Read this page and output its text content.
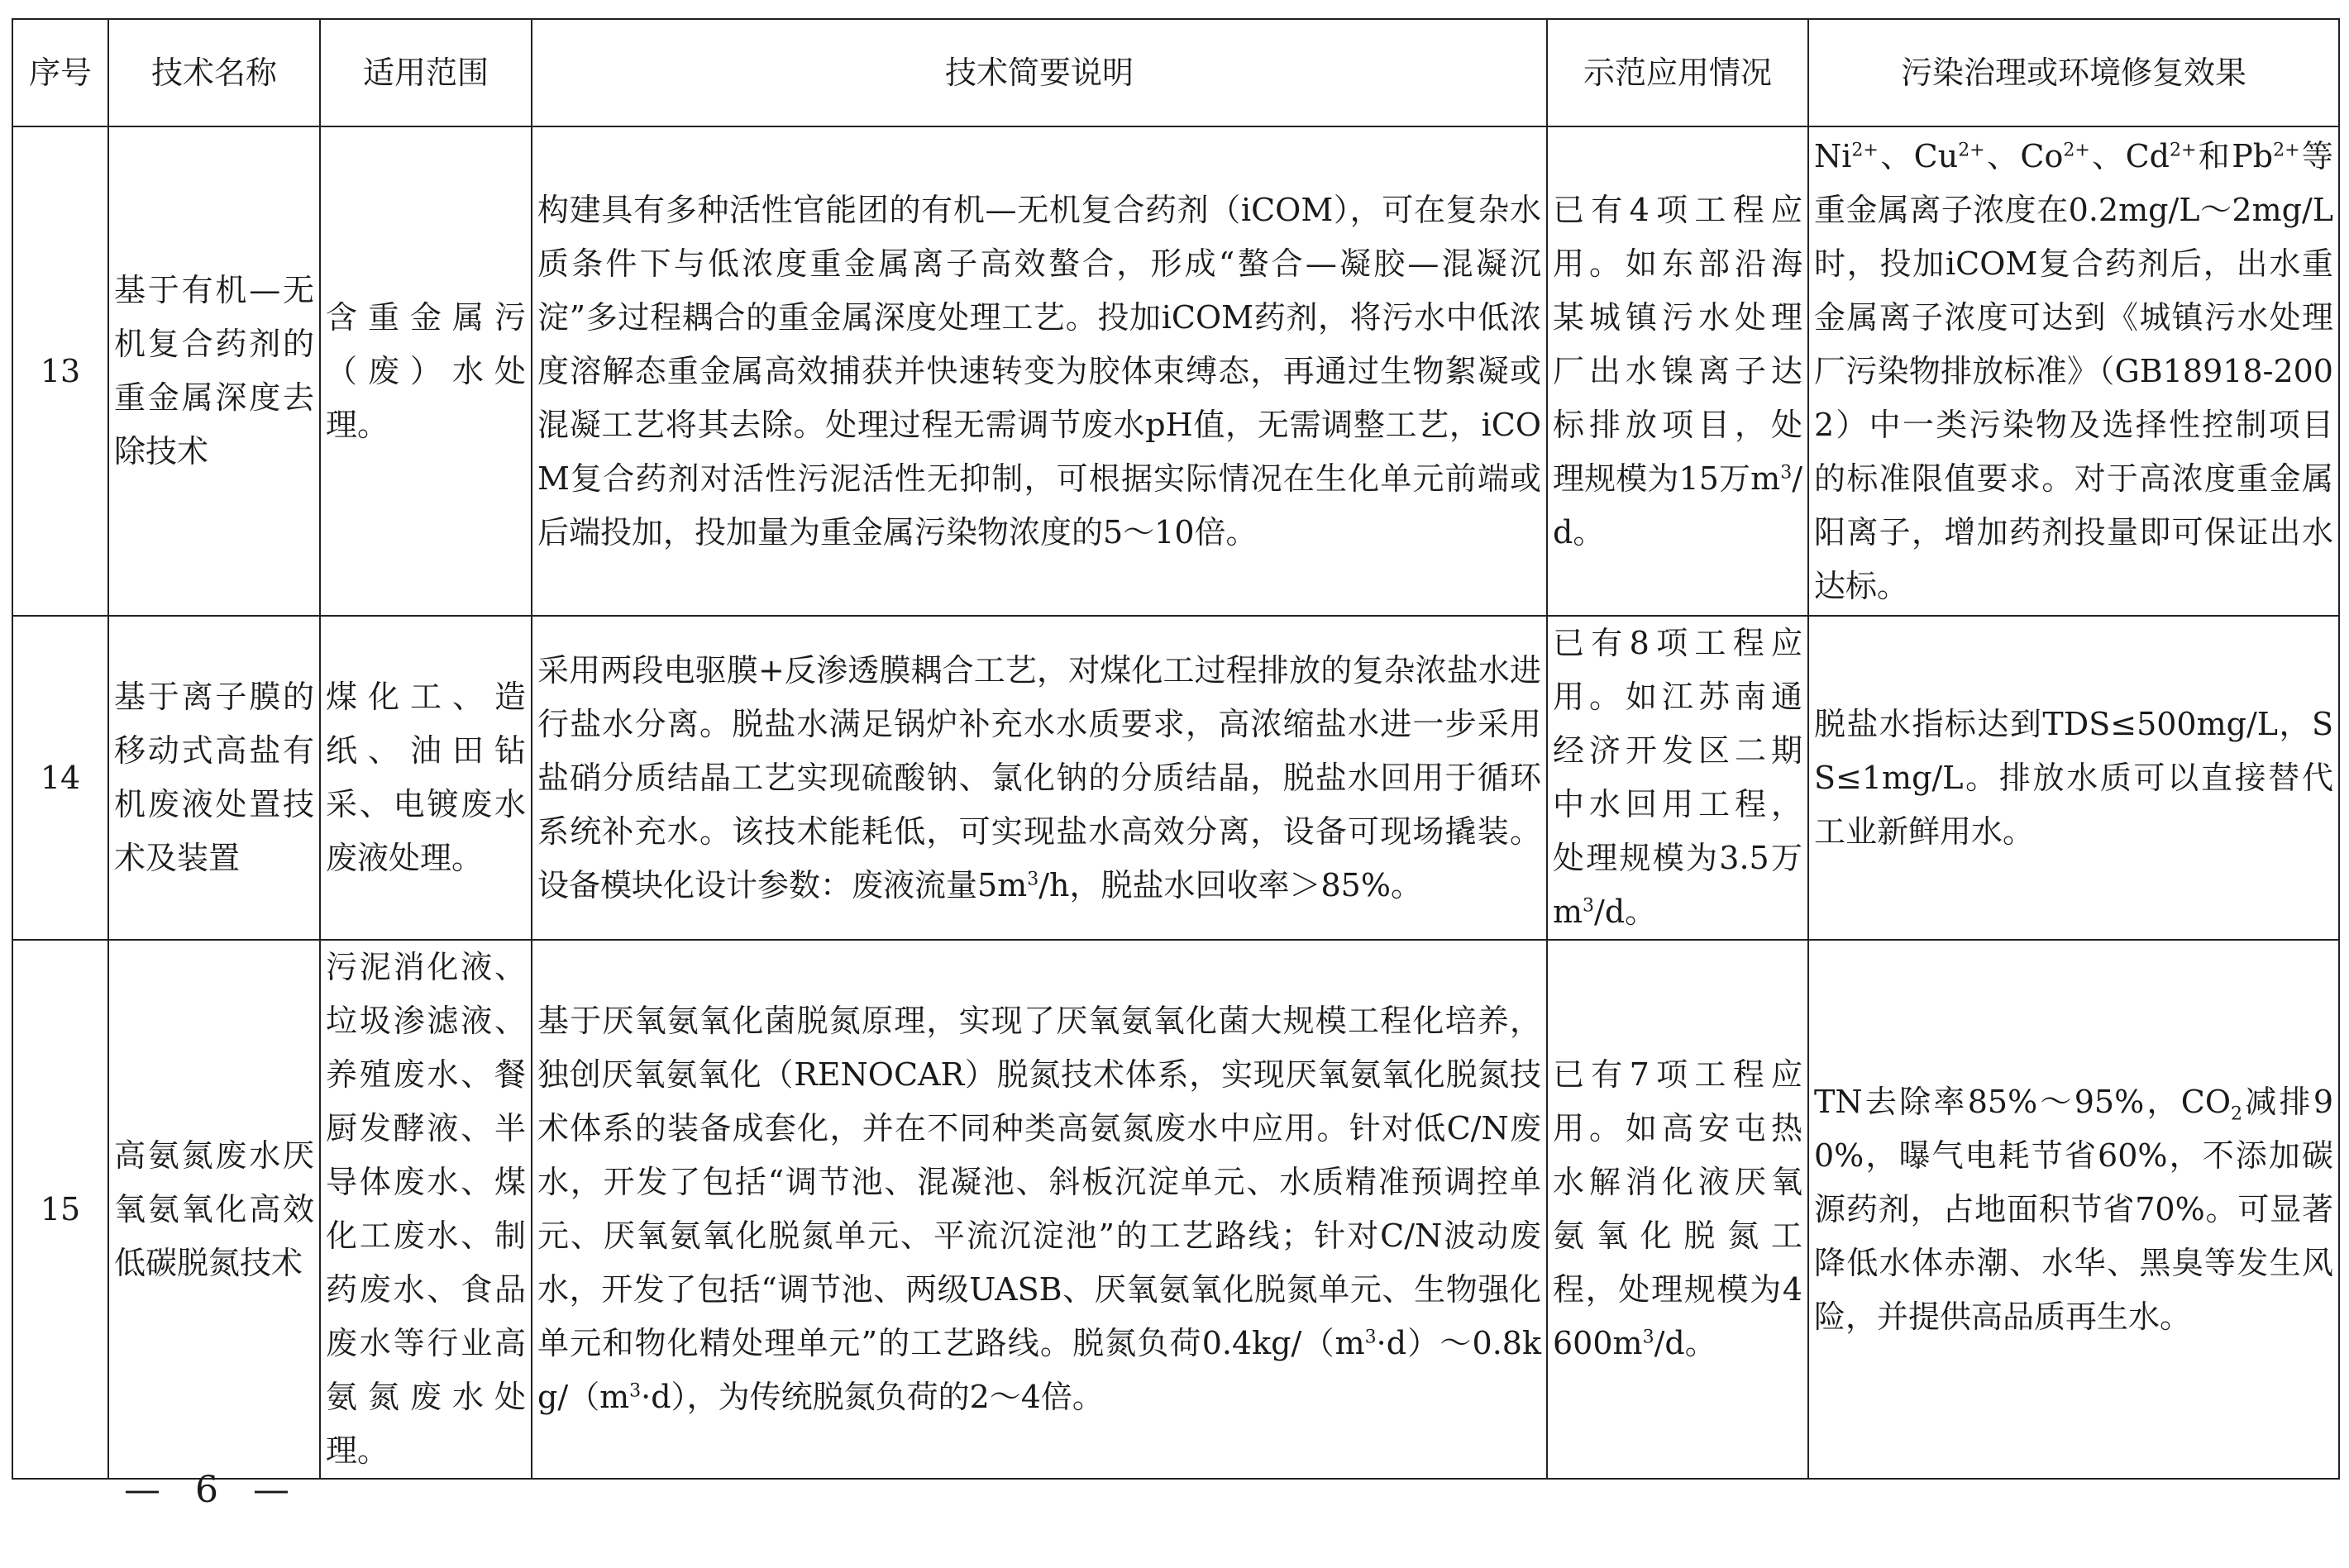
序号	技术名称	适用范围	技术简要说明	示范应用情况	污染治理或环境修复效果
13	基于有机—无机复合药剂的重金属深度去除技术	含重金属污（废）水处理。	构建具有多种活性官能团的有机—无机复合药剂（iCOM），可在复杂水质条件下与低浓度重金属离子高效螯合，形成“螯合—凝胶—混凝沉淀”多过程耦合的重金属深度处理工艺。投加iCOM药剂，将污水中低浓度溶解态重金属高效捕获并快速转变为胶体束缚态，再通过生物絮凝或混凝工艺将其去除。处理过程无需调节废水pH值，无需调整工艺，iCOM复合药剂对活性污泥活性无抑制，可根据实际情况在生化单元前端或后端投加，投加量为重金属污染物浓度的5～10倍。	已有4项工程应用。如东部沿海某城镇污水处理厂出水镍离子达标排放项目，处理规模为15万$m^3/d$。	$Ni^{2+}$、$Cu^{2+}$、$Co^{2+}$、$Cd^{2+}$和$Pb^{2+}$等重金属离子浓度在0.2mg/L～2mg/L时，投加iCOM复合药剂后，出水重金属离子浓度可达到《城镇污水处理厂污染物排放标准》（GB18918-2002）中一类污染物及选择性控制项目的标准限值要求。对于高浓度重金属阳离子，增加药剂投量即可保证出水达标。
14	基于离子膜的移动式高盐有机废液处置技术及装置	煤化工、造纸、油田钻采、电镀废水废液处理。	采用两段电驱膜+反渗透膜耦合工艺，对煤化工过程排放的复杂浓盐水进行盐水分离。脱盐水满足锅炉补充水水质要求，高浓缩盐水进一步采用盐硝分质结晶工艺实现硫酸钠、氯化钠的分质结晶，脱盐水回用于循环系统补充水。该技术能耗低，可实现盐水高效分离，设备可现场撬装。设备模块化设计参数：废液流量$5m^3/h$，脱盐水回收率＞85%。	已有8项工程应用。如江苏南通经济开发区二期中水回用工程，处理规模为3.5万$m^3/d$。	脱盐水指标达到TDS≤500mg/L，SS≤1mg/L。排放水质可以直接替代工业新鲜用水。
15	高氨氮废水厌氧氨氧化高效低碳脱氮技术	污泥消化液、垃圾渗滤液、养殖废水、餐厨发酵液、半导体废水、煤化工废水、制药废水、食品废水等行业高氨氮废水处理。	基于厌氧氨氧化菌脱氮原理，实现了厌氧氨氧化菌大规模工程化培养，独创厌氧氨氧化（RENOCAR）脱氮技术体系，实现厌氧氨氧化脱氮技术体系的装备成套化，并在不同种类高氨氮废水中应用。针对低C/N废水，开发了包括“调节池、混凝池、斜板沉淀单元、水质精准预调控单元、厌氧氨氧化脱氮单元、平流沉淀池”的工艺路线；针对C/N波动废水，开发了包括“调节池、两级UASB、厌氧氨氧化脱氮单元、生物强化单元和物化精处理单元”的工艺路线。脱氮负荷$0.4kg/(m^3\cdot d)\sim 0.8kg/(m^3\cdot d)$，为传统脱氮负荷的2～4倍。	已有7项工程应用。如高安屯热水解消化液厌氧氨氧化脱氮工程，处理规模为$4600m^3/d$。	TN去除率85%～95%，$CO_2$减排90%，曝气电耗节省60%，不添加碳源药剂，占地面积节省70%。可显著降低水体赤潮、水华、黑臭等发生风险，并提供高品质再生水。
— 6 —
